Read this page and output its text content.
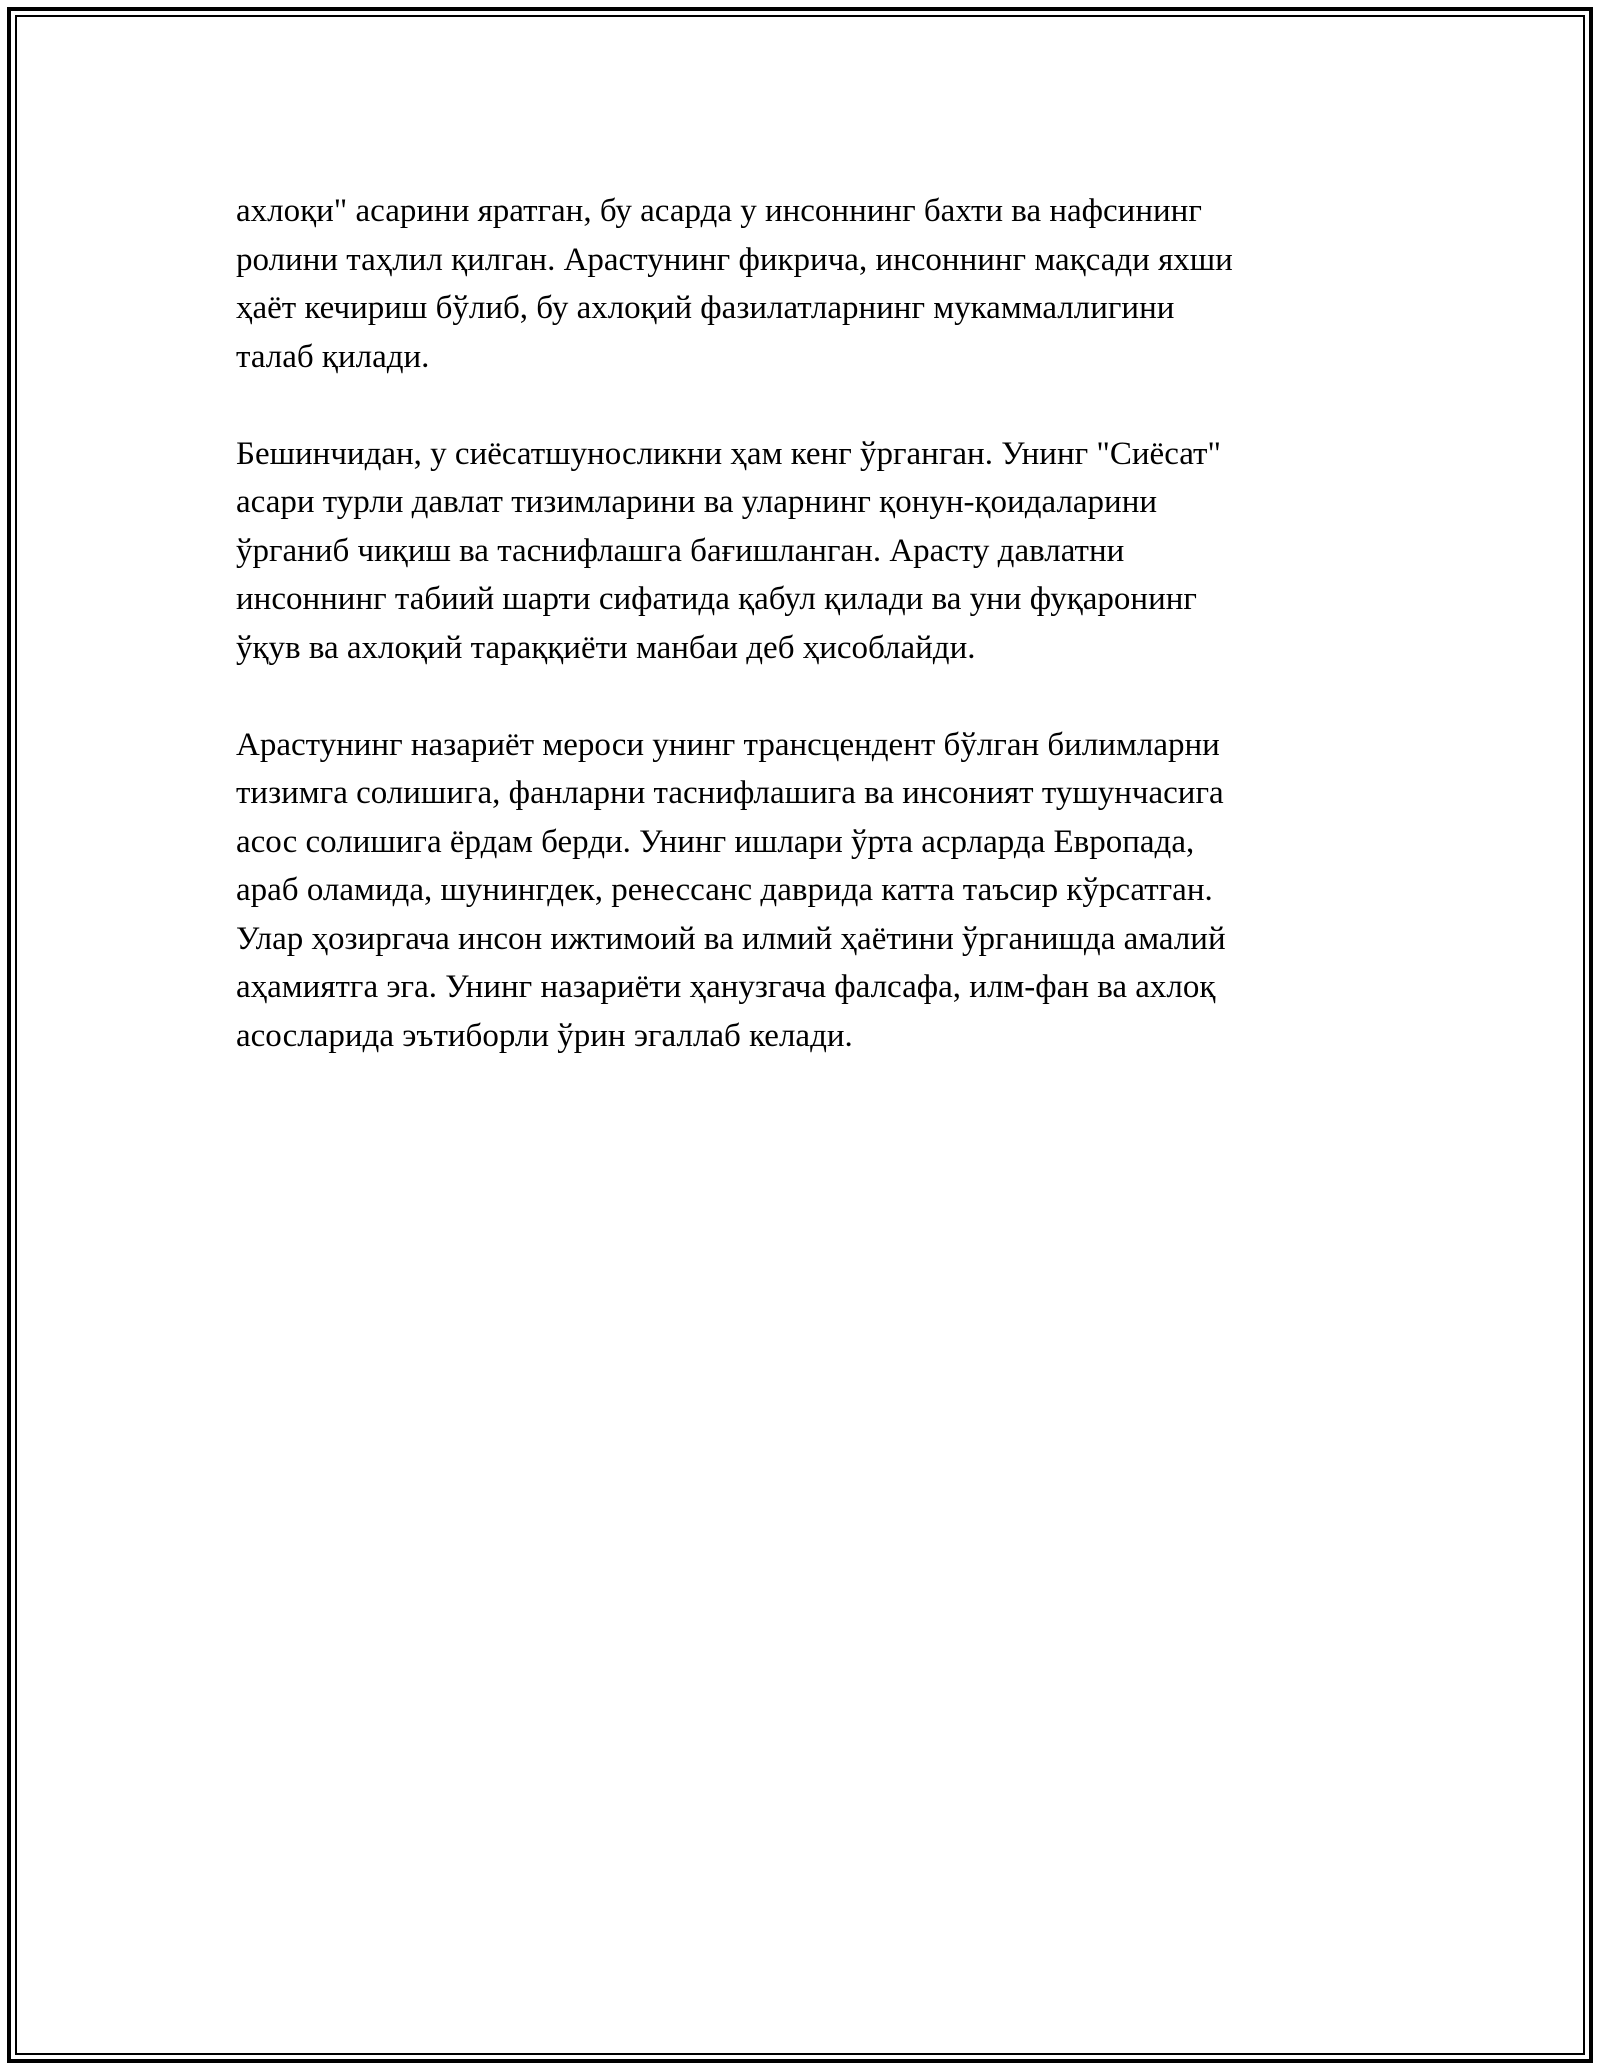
ахлоқи" асарини яратган, бу асарда у инсоннинг бахти ва нафсининг
ролини таҳлил қилган. Арастунинг фикрича, инсоннинг мақсади яхши
ҳаёт кечириш бўлиб, бу ахлоқий фазилатларнинг мукаммаллигини
талаб қилади.

Бешинчидан, у сиёсатшуносликни ҳам кенг ўрганган. Унинг "Сиёсат"
асари турли давлат тизимларини ва уларнинг қонун-қоидаларини
ўрганиб чиқиш ва таснифлашга бағишланган. Арасту давлатни
инсоннинг табиий шарти сифатида қабул қилади ва уни фуқаронинг
ўқув ва ахлоқий тараққиёти манбаи деб ҳисоблайди.

Арастунинг назариёт мероси унинг трансцендент бўлган билимларни
тизимга солишига, фанларни таснифлашига ва инсоният тушунчасига
асос солишига ёрдам берди. Унинг ишлари ўрта асрларда Европада,
араб оламида, шунингдек, ренессанс даврида катта таъсир кўрсатган.
Улар ҳозиргача инсон ижтимоий ва илмий ҳаётини ўрганишда амалий
аҳамиятга эга. Унинг назариёти ҳанузгача фалсафа, илм-фан ва ахлоқ
асосларида эътиборли ўрин эгаллаб келади.
